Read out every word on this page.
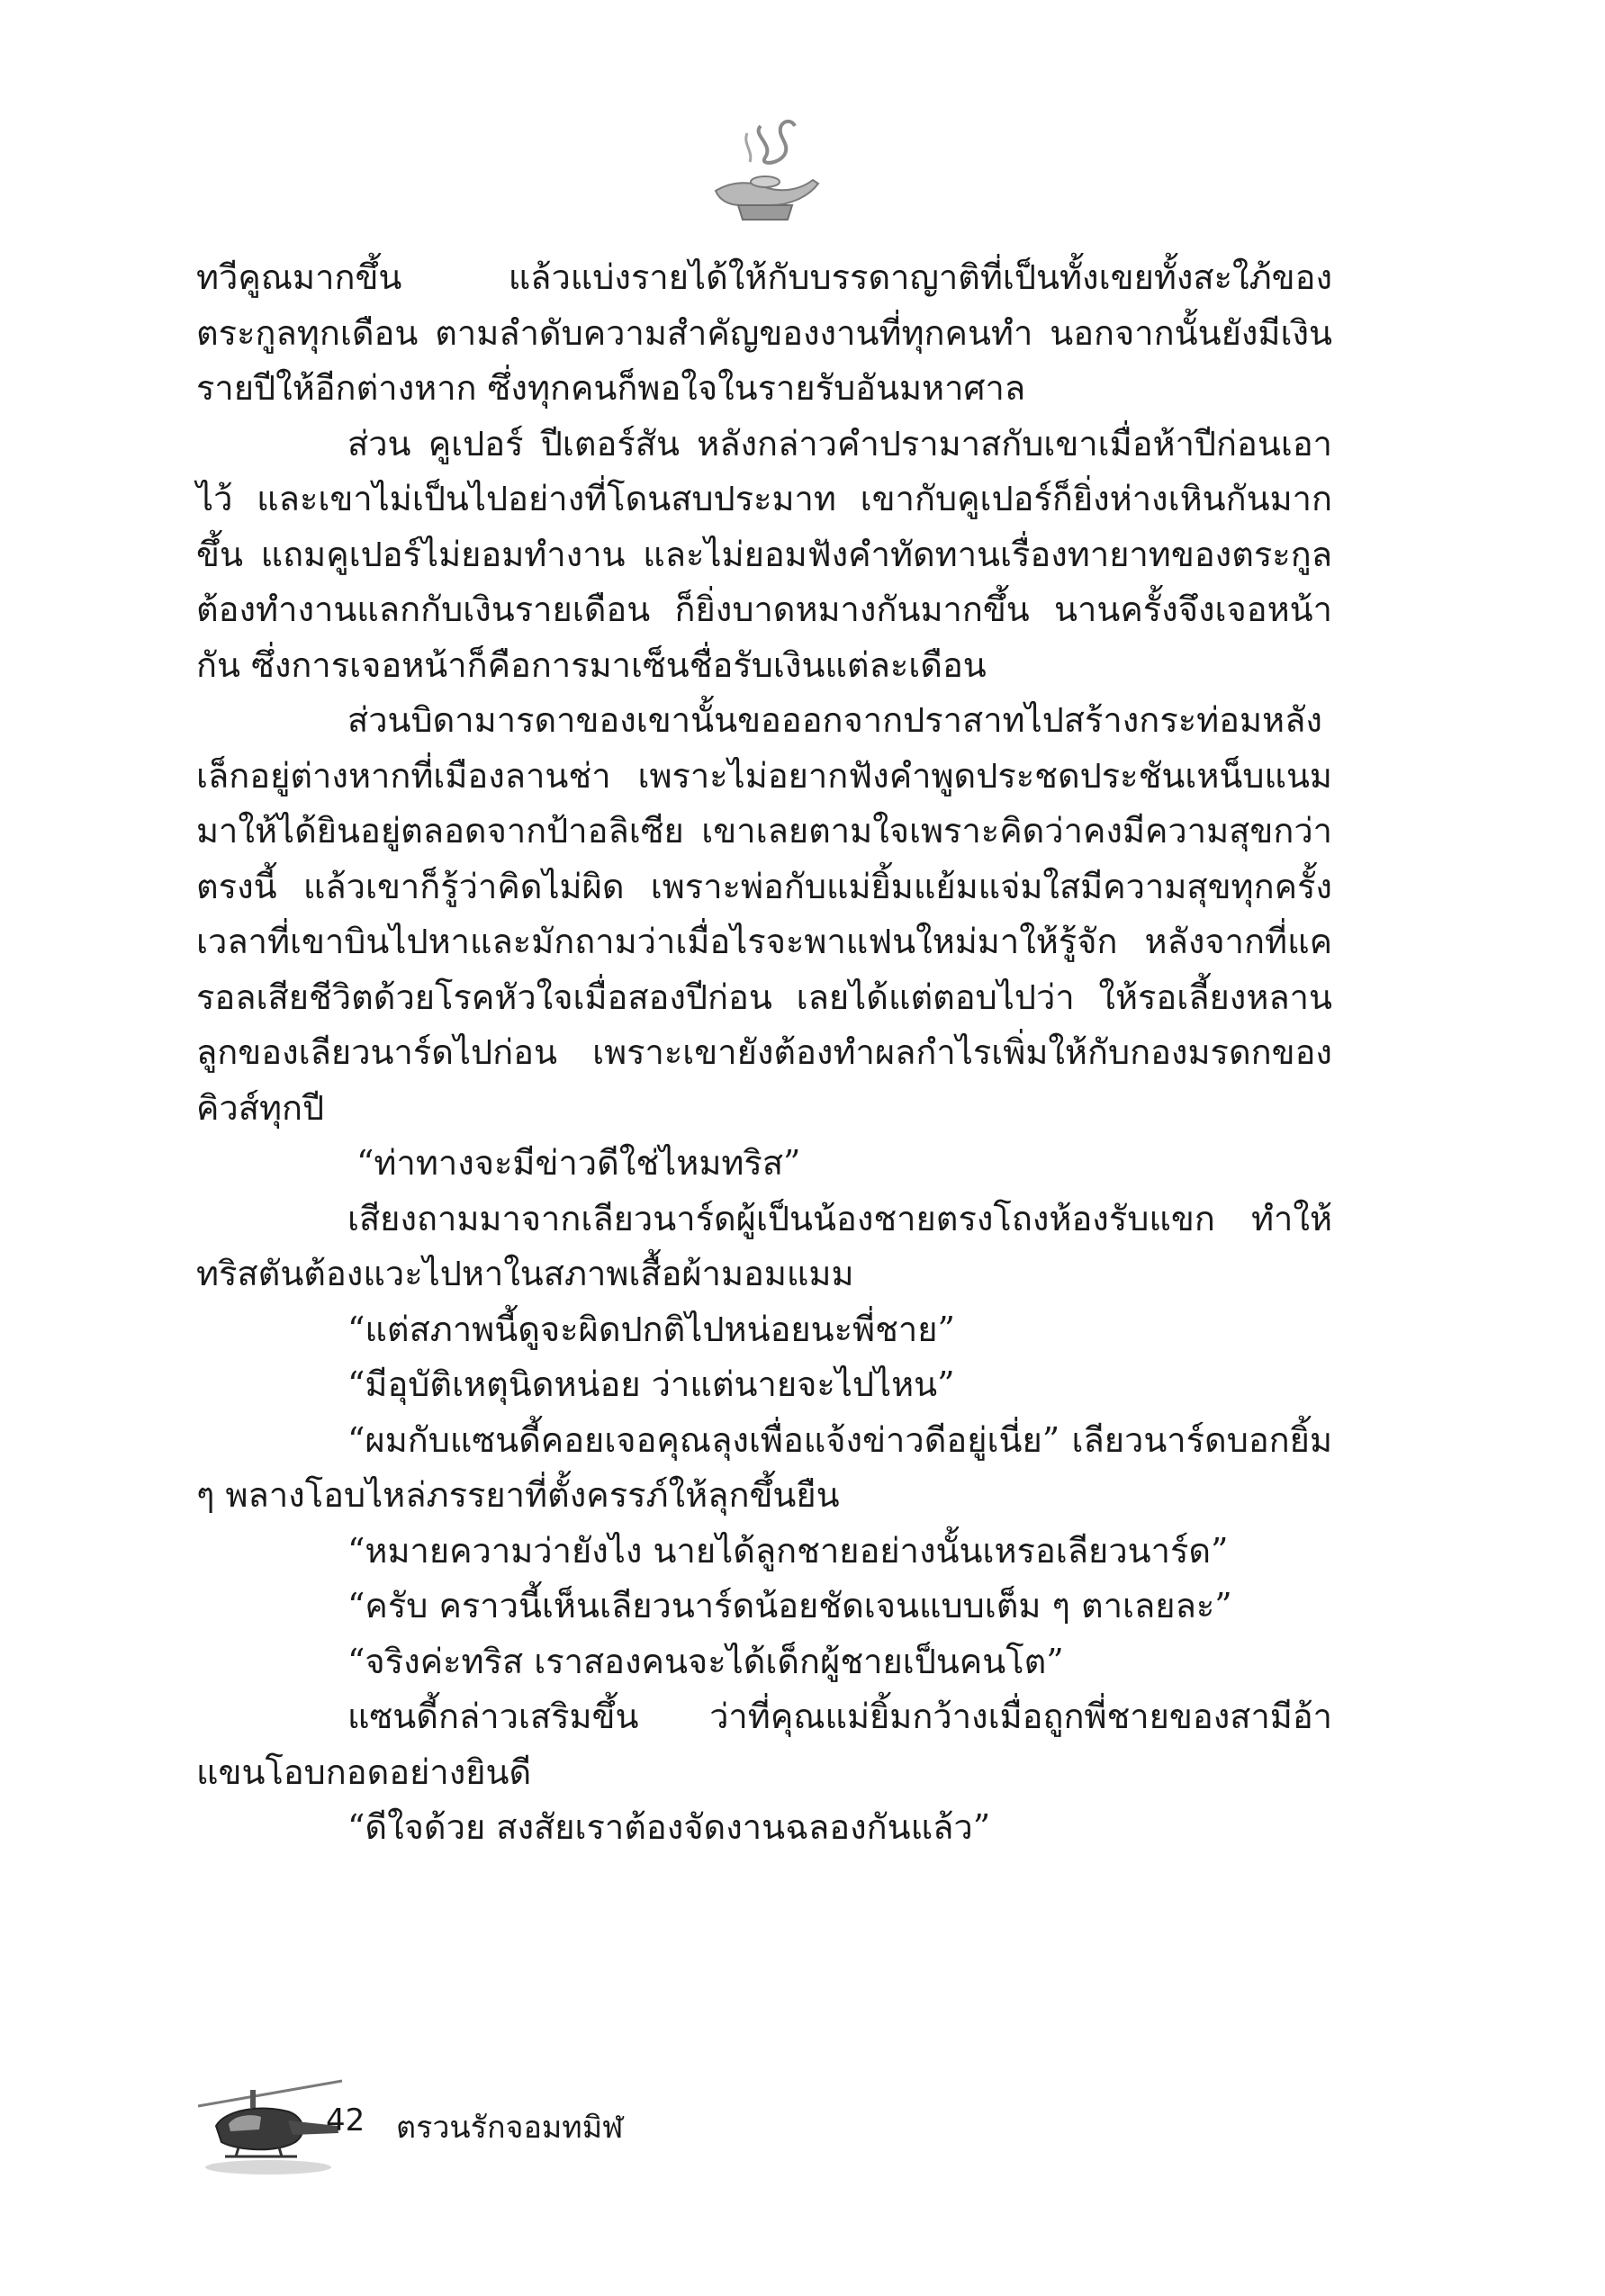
ทวีคูณมากขึ้น แล้วแบ่งรายได้ให้กับบรรดาญาติที่เป็นทั้งเขยทั้งสะใภ้ของตระกูลทุกเดือน ตามลำดับความสำคัญของงานที่ทุกคนทำ นอกจากนั้นยังมีเงินรายปีให้อีกต่างหาก ซึ่งทุกคนก็พอใจในรายรับอันมหาศาล

ส่วน คูเปอร์ ปีเตอร์สัน หลังกล่าวคำปรามาสกับเขาเมื่อห้าปีก่อนเอาไว้ และเขาไม่เป็นไปอย่างที่โดนสบประมาท เขากับคูเปอร์ก็ยิ่งห่างเหินกันมากขึ้น แถมคูเปอร์ไม่ยอมทำงาน และไม่ยอมฟังคำทัดทานเรื่องทายาทของตระกูลต้องทำงานแลกกับเงินรายเดือน ก็ยิ่งบาดหมางกันมากขึ้น นานครั้งจึงเจอหน้ากัน ซึ่งการเจอหน้าก็คือการมาเซ็นชื่อรับเงินแต่ละเดือน

ส่วนบิดามารดาของเขานั้นขอออกจากปราสาทไปสร้างกระท่อมหลังเล็กอยู่ต่างหากที่เมืองลานช่า เพราะไม่อยากฟังคำพูดประชดประชันเหน็บแนมมาให้ได้ยินอยู่ตลอดจากป้าอลิเซีย เขาเลยตามใจเพราะคิดว่าคงมีความสุขกว่าตรงนี้ แล้วเขาก็รู้ว่าคิดไม่ผิด เพราะพ่อกับแม่ยิ้มแย้มแจ่มใสมีความสุขทุกครั้งเวลาที่เขาบินไปหาและมักถามว่าเมื่อไรจะพาแฟนใหม่มาให้รู้จัก หลังจากที่แครอลเสียชีวิตด้วยโรคหัวใจเมื่อสองปีก่อน เลยได้แต่ตอบไปว่า ให้รอเลี้ยงหลานลูกของเลียวนาร์ดไปก่อน เพราะเขายังต้องทำผลกำไรเพิ่มให้กับกองมรดกของคิวส์ทุกปี

“ท่าทางจะมีข่าวดีใช่ไหมทริส”

เสียงถามมาจากเลียวนาร์ดผู้เป็นน้องชายตรงโถงห้องรับแขก ทำให้ทริสตันต้องแวะไปหาในสภาพเสื้อผ้ามอมแมม

“แต่สภาพนี้ดูจะผิดปกติไปหน่อยนะพี่ชาย”

“มีอุบัติเหตุนิดหน่อย ว่าแต่นายจะไปไหน”

“ผมกับแซนดี้คอยเจอคุณลุงเพื่อแจ้งข่าวดีอยู่เนี่ย” เลียวนาร์ดบอกยิ้ม ๆ พลางโอบไหล่ภรรยาที่ตั้งครรภ์ให้ลุกขึ้นยืน

“หมายความว่ายังไง นายได้ลูกชายอย่างนั้นเหรอเลียวนาร์ด”

“ครับ คราวนี้เห็นเลียวนาร์ดน้อยชัดเจนแบบเต็ม ๆ ตาเลยละ”

“จริงค่ะทริส เราสองคนจะได้เด็กผู้ชายเป็นคนโต”

แซนดี้กล่าวเสริมขึ้น ว่าที่คุณแม่ยิ้มกว้างเมื่อถูกพี่ชายของสามีอ้าแขนโอบกอดอย่างยินดี

“ดีใจด้วย สงสัยเราต้องจัดงานฉลองกันแล้ว”

42 ตรวนรักจอมทมิฬ
